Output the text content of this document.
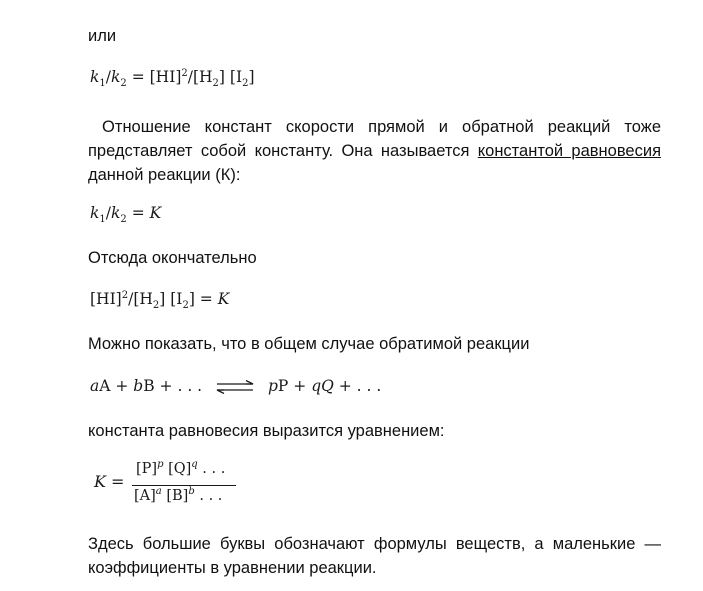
или
$k_1/k_2 = [HI]^2/[H_2]$ $[I_2]$
Отношение констант скорости прямой и обратной реакций тоже представляет собой константу. Она называется константой равновесия данной реакции (К):
$k_1/k_2 = K$
Отсюда окончательно
$[HI]^2/[H_2] [I_2] = K$
Можно показать, что в общем случае обратимой реакции
aA + bB + . . . ⇌ pP + qQ + . . .
константа равновесия выразится уравнением:
K =
$[P]^p$ $[Q]^q$ . . .
$[A]^a$ $[B]^b$ . . .
Здесь большие буквы обозначают формулы веществ, а маленькие — коэффициенты в уравнении реакции.
